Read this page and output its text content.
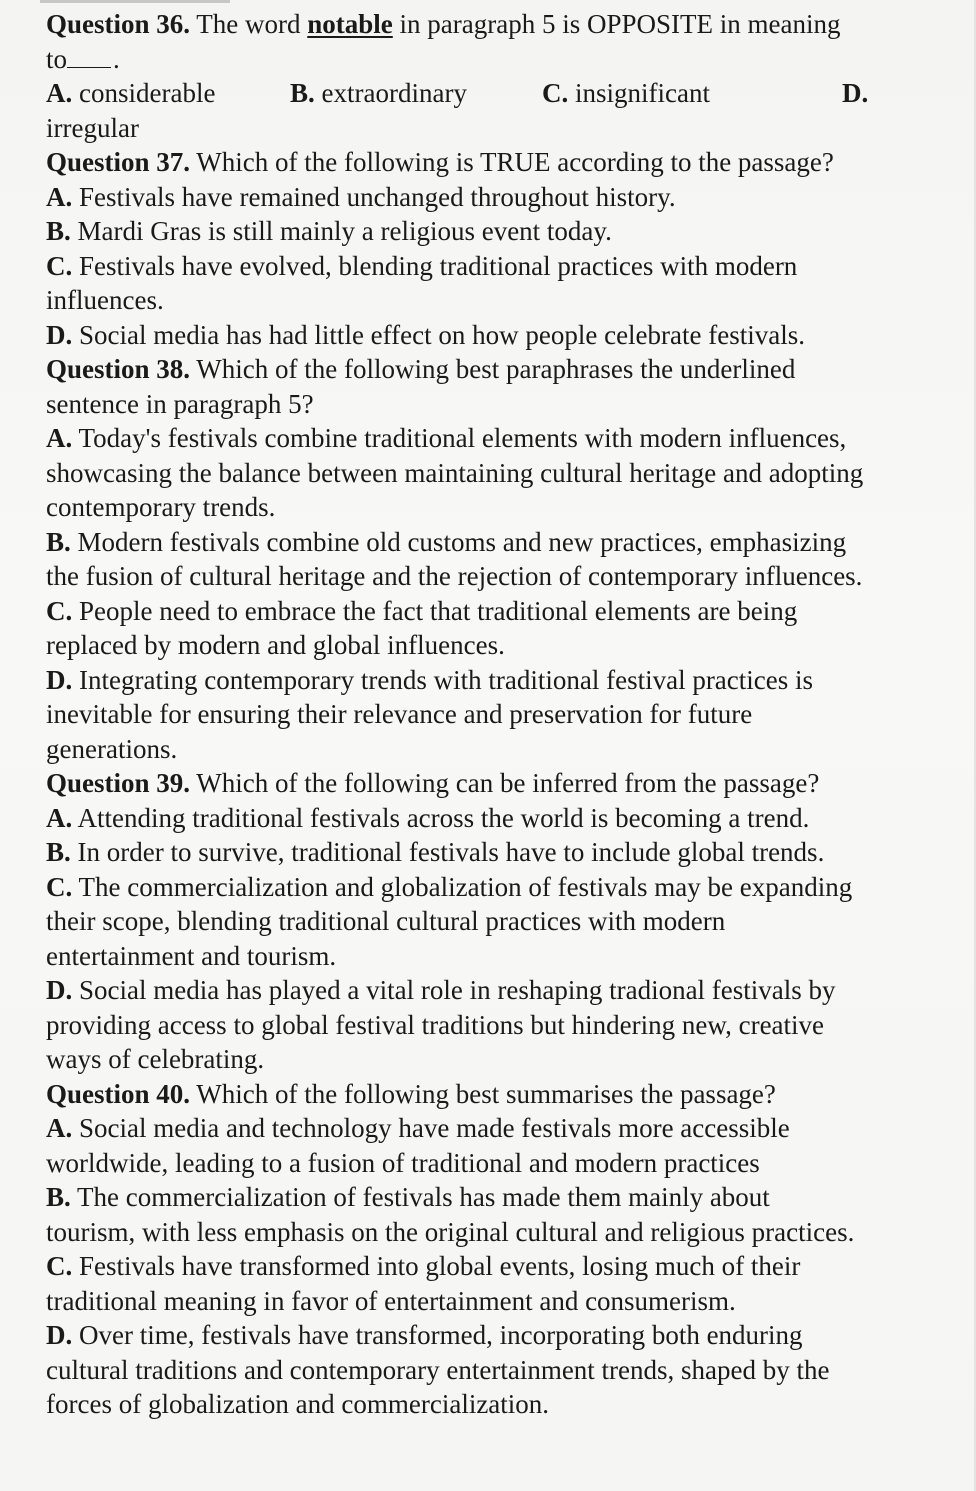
Question 36. The word notable in paragraph 5 is OPPOSITE in meaning
to .
A. considerable	B. extraordinary	C. insignificant	D.
irregular
Question 37. Which of the following is TRUE according to the passage?
A. Festivals have remained unchanged throughout history.
B. Mardi Gras is still mainly a religious event today.
C. Festivals have evolved, blending traditional practices with modern
influences.
D. Social media has had little effect on how people celebrate festivals.
Question 38. Which of the following best paraphrases the underlined
sentence in paragraph 5?
A. Today's festivals combine traditional elements with modern influences,
showcasing the balance between maintaining cultural heritage and adopting
contemporary trends.
B. Modern festivals combine old customs and new practices, emphasizing
the fusion of cultural heritage and the rejection of contemporary influences.
C. People need to embrace the fact that traditional elements are being
replaced by modern and global influences.
D. Integrating contemporary trends with traditional festival practices is
inevitable for ensuring their relevance and preservation for future
generations.
Question 39. Which of the following can be inferred from the passage?
A. Attending traditional festivals across the world is becoming a trend.
B. In order to survive, traditional festivals have to include global trends.
C. The commercialization and globalization of festivals may be expanding
their scope, blending traditional cultural practices with modern
entertainment and tourism.
D. Social media has played a vital role in reshaping tradional festivals by
providing access to global festival traditions but hindering new, creative
ways of celebrating.
Question 40. Which of the following best summarises the passage?
A. Social media and technology have made festivals more accessible
worldwide, leading to a fusion of traditional and modern practices
B. The commercialization of festivals has made them mainly about
tourism, with less emphasis on the original cultural and religious practices.
C. Festivals have transformed into global events, losing much of their
traditional meaning in favor of entertainment and consumerism.
D. Over time, festivals have transformed, incorporating both enduring
cultural traditions and contemporary entertainment trends, shaped by the
forces of globalization and commercialization.
